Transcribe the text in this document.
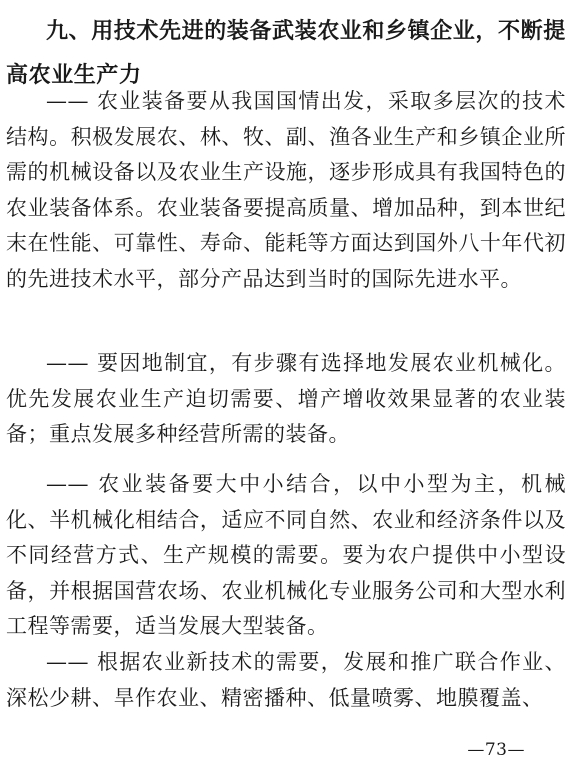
九、用技术先进的装备武装农业和乡镇企业，不断提高农业生产力

—— 农业装备要从我国国情出发，采取多层次的技术结构。积极发展农、林、牧、副、渔各业生产和乡镇企业所需的机械设备以及农业生产设施，逐步形成具有我国特色的农业装备体系。农业装备要提高质量、增加品种，到本世纪末在性能、可靠性、寿命、能耗等方面达到国外八十年代初的先进技术水平，部分产品达到当时的国际先进水平。

—— 要因地制宜，有步骤有选择地发展农业机械化。优先发展农业生产迫切需要、增产增收效果显著的农业装备；重点发展多种经营所需的装备。

—— 农业装备要大中小结合，以中小型为主，机械化、半机械化相结合，适应不同自然、农业和经济条件以及不同经营方式、生产规模的需要。要为农户提供中小型设备，并根据国营农场、农业机械化专业服务公司和大型水利工程等需要，适当发展大型装备。

—— 根据农业新技术的需要，发展和推广联合作业、深松少耕、旱作农业、精密播种、低量喷雾、地膜覆盖、

—73—
